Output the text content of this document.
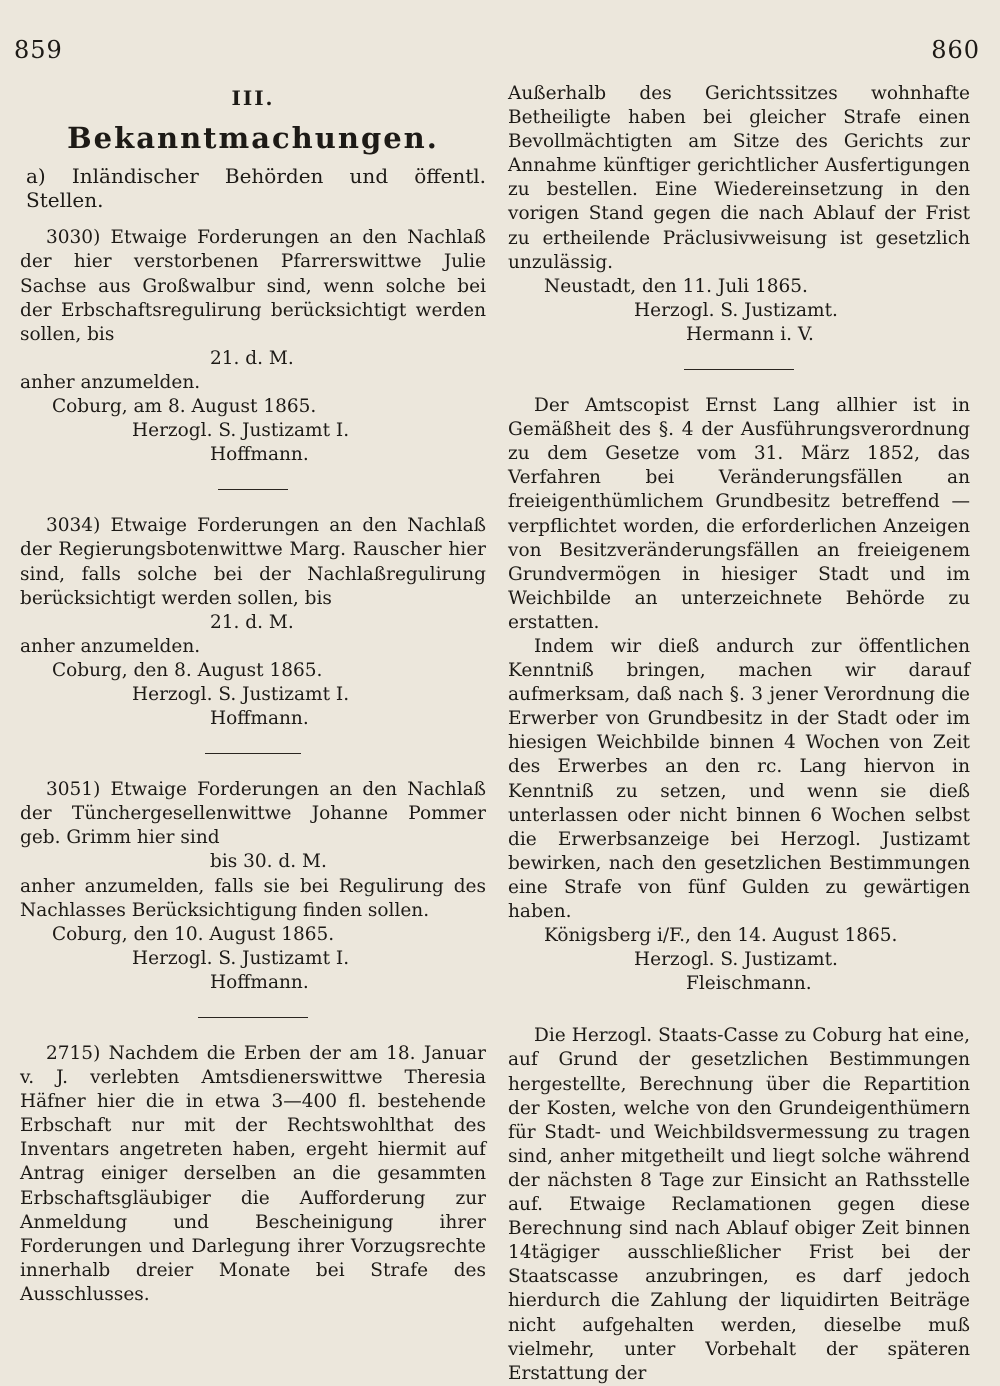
859	860

III.

Bekanntmachungen.

a) Inländischer Behörden und öffentl. Stellen.

3030) Etwaige Forderungen an den Nachlaß der hier verstorbenen Pfarrerswittwe Julie Sachse aus Großwalbur sind, wenn solche bei der Erbschaftsregulirung berücksichtigt werden sollen, bis

21. d. M.

anher anzumelden.

Coburg, am 8. August 1865.

Herzogl. S. Justizamt I.

Hoffmann.

3034) Etwaige Forderungen an den Nachlaß der Regierungsbotenwittwe Marg. Rauscher hier sind, falls solche bei der Nachlaßregulirung berücksichtigt werden sollen, bis

21. d. M.

anher anzumelden.

Coburg, den 8. August 1865.

Herzogl. S. Justizamt I.

Hoffmann.

3051) Etwaige Forderungen an den Nachlaß der Tünchergesellenwittwe Johanne Pommer geb. Grimm hier sind

bis 30. d. M.

anher anzumelden, falls sie bei Regulirung des Nachlasses Berücksichtigung finden sollen.

Coburg, den 10. August 1865.

Herzogl. S. Justizamt I.

Hoffmann.

2715) Nachdem die Erben der am 18. Januar v. J. verlebten Amtsdienerswittwe Theresia Häfner hier die in etwa 3—400 fl. bestehende Erbschaft nur mit der Rechtswohlthat des Inventars angetreten haben, ergeht hiermit auf Antrag einiger derselben an die gesammten Erbschaftsgläubiger die Aufforderung zur Anmeldung und Bescheinigung ihrer Forderungen und Darlegung ihrer Vorzugsrechte innerhalb dreier Monate bei Strafe des Ausschlusses.

Außerhalb des Gerichtssitzes wohnhafte Betheiligte haben bei gleicher Strafe einen Bevollmächtigten am Sitze des Gerichts zur Annahme künftiger gerichtlicher Ausfertigungen zu bestellen. Eine Wiedereinsetzung in den vorigen Stand gegen die nach Ablauf der Frist zu ertheilende Präclusivweisung ist gesetzlich unzulässig.

Neustadt, den 11. Juli 1865.

Herzogl. S. Justizamt.

Hermann i. V.

Der Amtscopist Ernst Lang allhier ist in Gemäßheit des §. 4 der Ausführungsverordnung zu dem Gesetze vom 31. März 1852, das Verfahren bei Veränderungsfällen an freieigenthümlichem Grundbesitz betreffend — verpflichtet worden, die erforderlichen Anzeigen von Besitzveränderungsfällen an freieigenem Grundvermögen in hiesiger Stadt und im Weichbilde an unterzeichnete Behörde zu erstatten.

Indem wir dieß andurch zur öffentlichen Kenntniß bringen, machen wir darauf aufmerksam, daß nach §. 3 jener Verordnung die Erwerber von Grundbesitz in der Stadt oder im hiesigen Weichbilde binnen 4 Wochen von Zeit des Erwerbes an den rc. Lang hiervon in Kenntniß zu setzen, und wenn sie dieß unterlassen oder nicht binnen 6 Wochen selbst die Erwerbsanzeige bei Herzogl. Justizamt bewirken, nach den gesetzlichen Bestimmungen eine Strafe von fünf Gulden zu gewärtigen haben.

Königsberg i/F., den 14. August 1865.

Herzogl. S. Justizamt.

Fleischmann.

Die Herzogl. Staats-Casse zu Coburg hat eine, auf Grund der gesetzlichen Bestimmungen hergestellte, Berechnung über die Repartition der Kosten, welche von den Grundeigenthümern für Stadt- und Weichbildsvermessung zu tragen sind, anher mitgetheilt und liegt solche während der nächsten 8 Tage zur Einsicht an Rathsstelle auf. Etwaige Reclamationen gegen diese Berechnung sind nach Ablauf obiger Zeit binnen 14tägiger ausschließlicher Frist bei der Staatscasse anzubringen, es darf jedoch hierdurch die Zahlung der liquidirten Beiträge nicht aufgehalten werden, dieselbe muß vielmehr, unter Vorbehalt der späteren Erstattung der
